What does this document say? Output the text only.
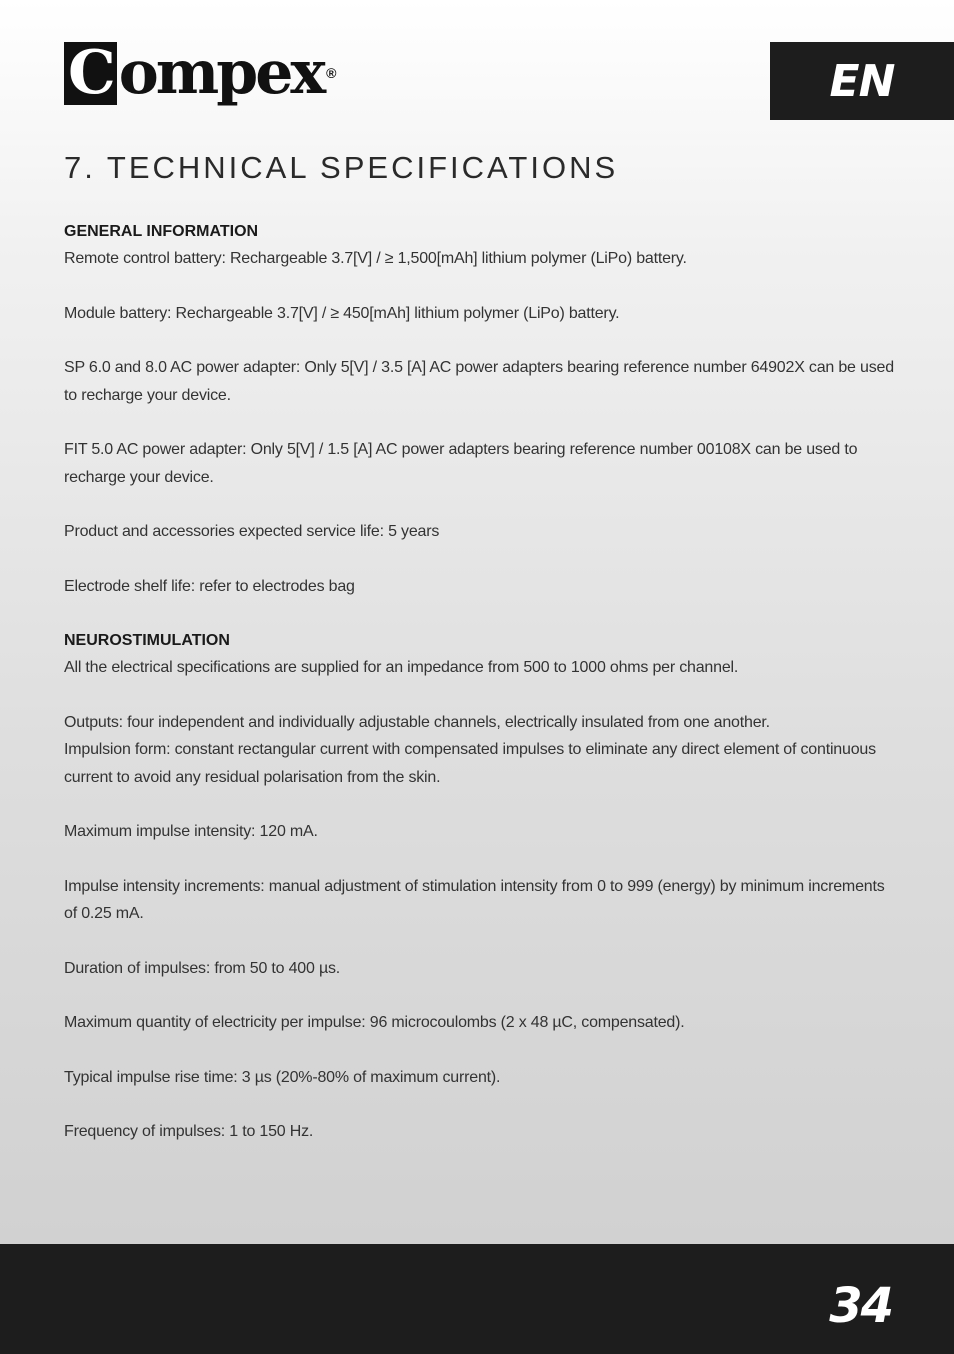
C ompex ®	EN
7. TECHNICAL SPECIFICATIONS

GENERAL INFORMATION

Remote control battery: Rechargeable 3.7[V] / ≥ 1,500[mAh] lithium polymer (LiPo) battery.

Module battery: Rechargeable 3.7[V] / ≥ 450[mAh] lithium polymer (LiPo) battery.

SP 6.0 and 8.0 AC power adapter: Only 5[V] / 3.5 [A] AC power adapters bearing reference number 64902X can be used to recharge your device.

FIT 5.0 AC power adapter: Only 5[V] / 1.5 [A] AC power adapters bearing reference number 00108X can be used to recharge your device.

Product and accessories expected service life: 5 years

Electrode shelf life: refer to electrodes bag

NEUROSTIMULATION

All the electrical specifications are supplied for an impedance from 500 to 1000 ohms per channel.

Outputs: four independent and individually adjustable channels, electrically insulated from one another.

Impulsion form: constant rectangular current with compensated impulses to eliminate any direct element of continuous current to avoid any residual polarisation from the skin.

Maximum impulse intensity: 120 mA.

Impulse intensity increments: manual adjustment of stimulation intensity from 0 to 999 (energy) by minimum increments of 0.25 mA.

Duration of impulses: from 50 to 400 µs.

Maximum quantity of electricity per impulse: 96 microcoulombs (2 x 48 µC, compensated).

Typical impulse rise time: 3 µs (20%-80% of maximum current).

Frequency of impulses: 1 to 150 Hz.

34
